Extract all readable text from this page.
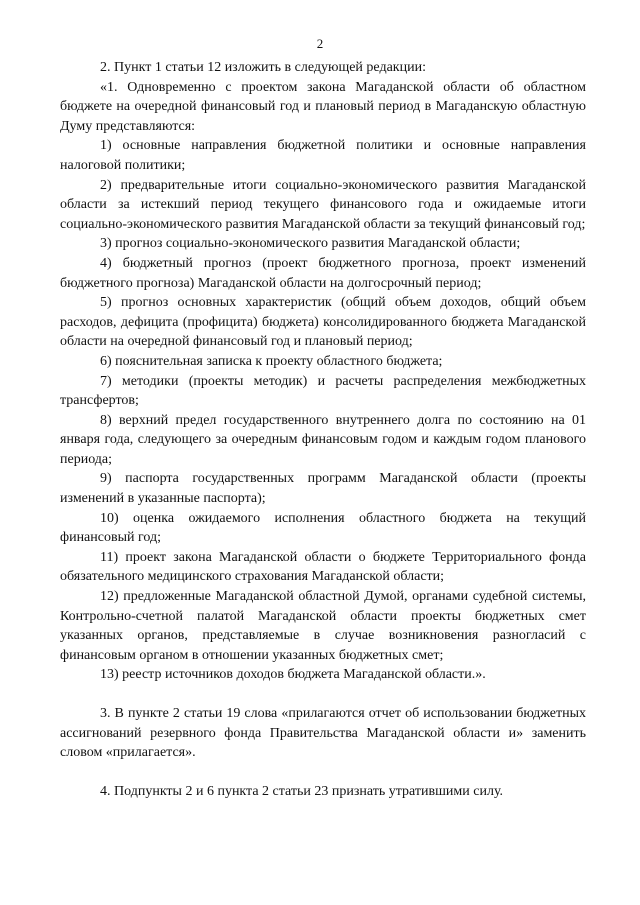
2

2. Пункт 1 статьи 12 изложить в следующей редакции:

«1. Одновременно с проектом закона Магаданской области об областном бюджете на очередной финансовый год и плановый период в Магаданскую областную Думу представляются:

1) основные направления бюджетной политики и основные направления налоговой политики;

2) предварительные итоги социально-экономического развития Магаданской области за истекший период текущего финансового года и ожидаемые итоги социально-экономического развития Магаданской области за текущий финансовый год;

3) прогноз социально-экономического развития Магаданской области;

4) бюджетный прогноз (проект бюджетного прогноза, проект изменений бюджетного прогноза) Магаданской области на долгосрочный период;

5) прогноз основных характеристик (общий объем доходов, общий объем расходов, дефицита (профицита) бюджета) консолидированного бюджета Магаданской области на очередной финансовый год и плановый период;

6) пояснительная записка к проекту областного бюджета;

7) методики (проекты методик) и расчеты распределения межбюджетных трансфертов;

8) верхний предел государственного внутреннего долга по состоянию на 01 января года, следующего за очередным финансовым годом и каждым годом планового периода;

9) паспорта государственных программ Магаданской области (проекты изменений в указанные паспорта);

10) оценка ожидаемого исполнения областного бюджета на текущий финансовый год;

11) проект закона Магаданской области о бюджете Территориального фонда обязательного медицинского страхования Магаданской области;

12) предложенные Магаданской областной Думой, органами судебной системы, Контрольно-счетной палатой Магаданской области проекты бюджетных смет указанных органов, представляемые в случае возникновения разногласий с финансовым органом в отношении указанных бюджетных смет;

13) реестр источников доходов бюджета Магаданской области.».

3. В пункте 2 статьи 19 слова «прилагаются отчет об использовании бюджетных ассигнований резервного фонда Правительства Магаданской области и» заменить словом «прилагается».

4. Подпункты 2 и 6 пункта 2 статьи 23 признать утратившими силу.
